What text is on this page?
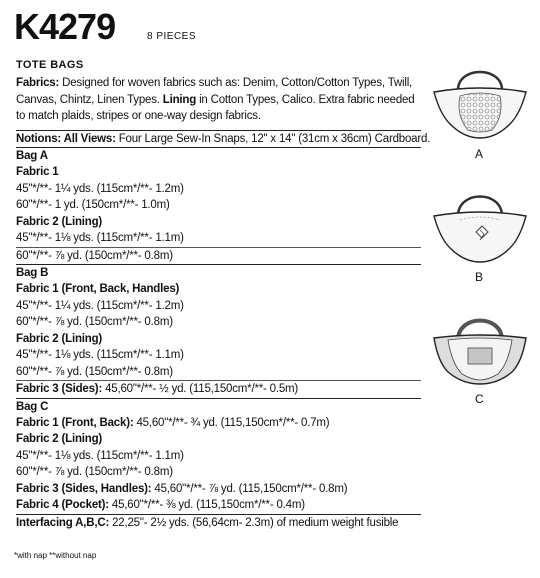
K4279	8 PIECES
TOTE BAGS
Fabrics: Designed for woven fabrics such as: Denim, Cotton/Cotton Types, Twill, Canvas, Chintz, Linen Types. Lining in Cotton Types, Calico. Extra fabric needed to match plaids, stripes or one-way design fabrics.
Notions: All Views: Four Large Sew-In Snaps, 12" x 14" (31cm x 36cm) Cardboard.
Bag A
Fabric 1
45"*/**- 1¼ yds. (115cm*/**- 1.2m)
60"*/**- 1 yd. (150cm*/**- 1.0m)
Fabric 2 (Lining)
45"*/**- 1⅛ yds. (115cm*/**- 1.1m)
60"*/**- ⅞ yd. (150cm*/**- 0.8m)
Bag B
Fabric 1 (Front, Back, Handles)
45"*/**- 1¼ yds. (115cm*/**- 1.2m)
60"*/**- ⅞ yd. (150cm*/**- 0.8m)
Fabric 2 (Lining)
45"*/**- 1⅛ yds. (115cm*/**- 1.1m)
60"*/**- ⅞ yd. (150cm*/**- 0.8m)
Fabric 3 (Sides): 45,60"*/**- ½ yd. (115,150cm*/**- 0.5m)
Bag C
Fabric 1 (Front, Back): 45,60"*/**- ¾ yd. (115,150cm*/**- 0.7m)
Fabric 2 (Lining)
45"*/**- 1⅛ yds. (115cm*/**- 1.1m)
60"*/**- ⅞ yd. (150cm*/**- 0.8m)
Fabric 3 (Sides, Handles): 45,60"*/**- ⅞ yd. (115,150cm*/**- 0.8m)
Fabric 4 (Pocket): 45,60"*/**- ⅜ yd. (115,150cm*/**- 0.4m)
Interfacing A,B,C: 22,25"- 2½ yds. (56,64cm- 2.3m) of medium weight fusible
*with nap **without nap
A
B
C
